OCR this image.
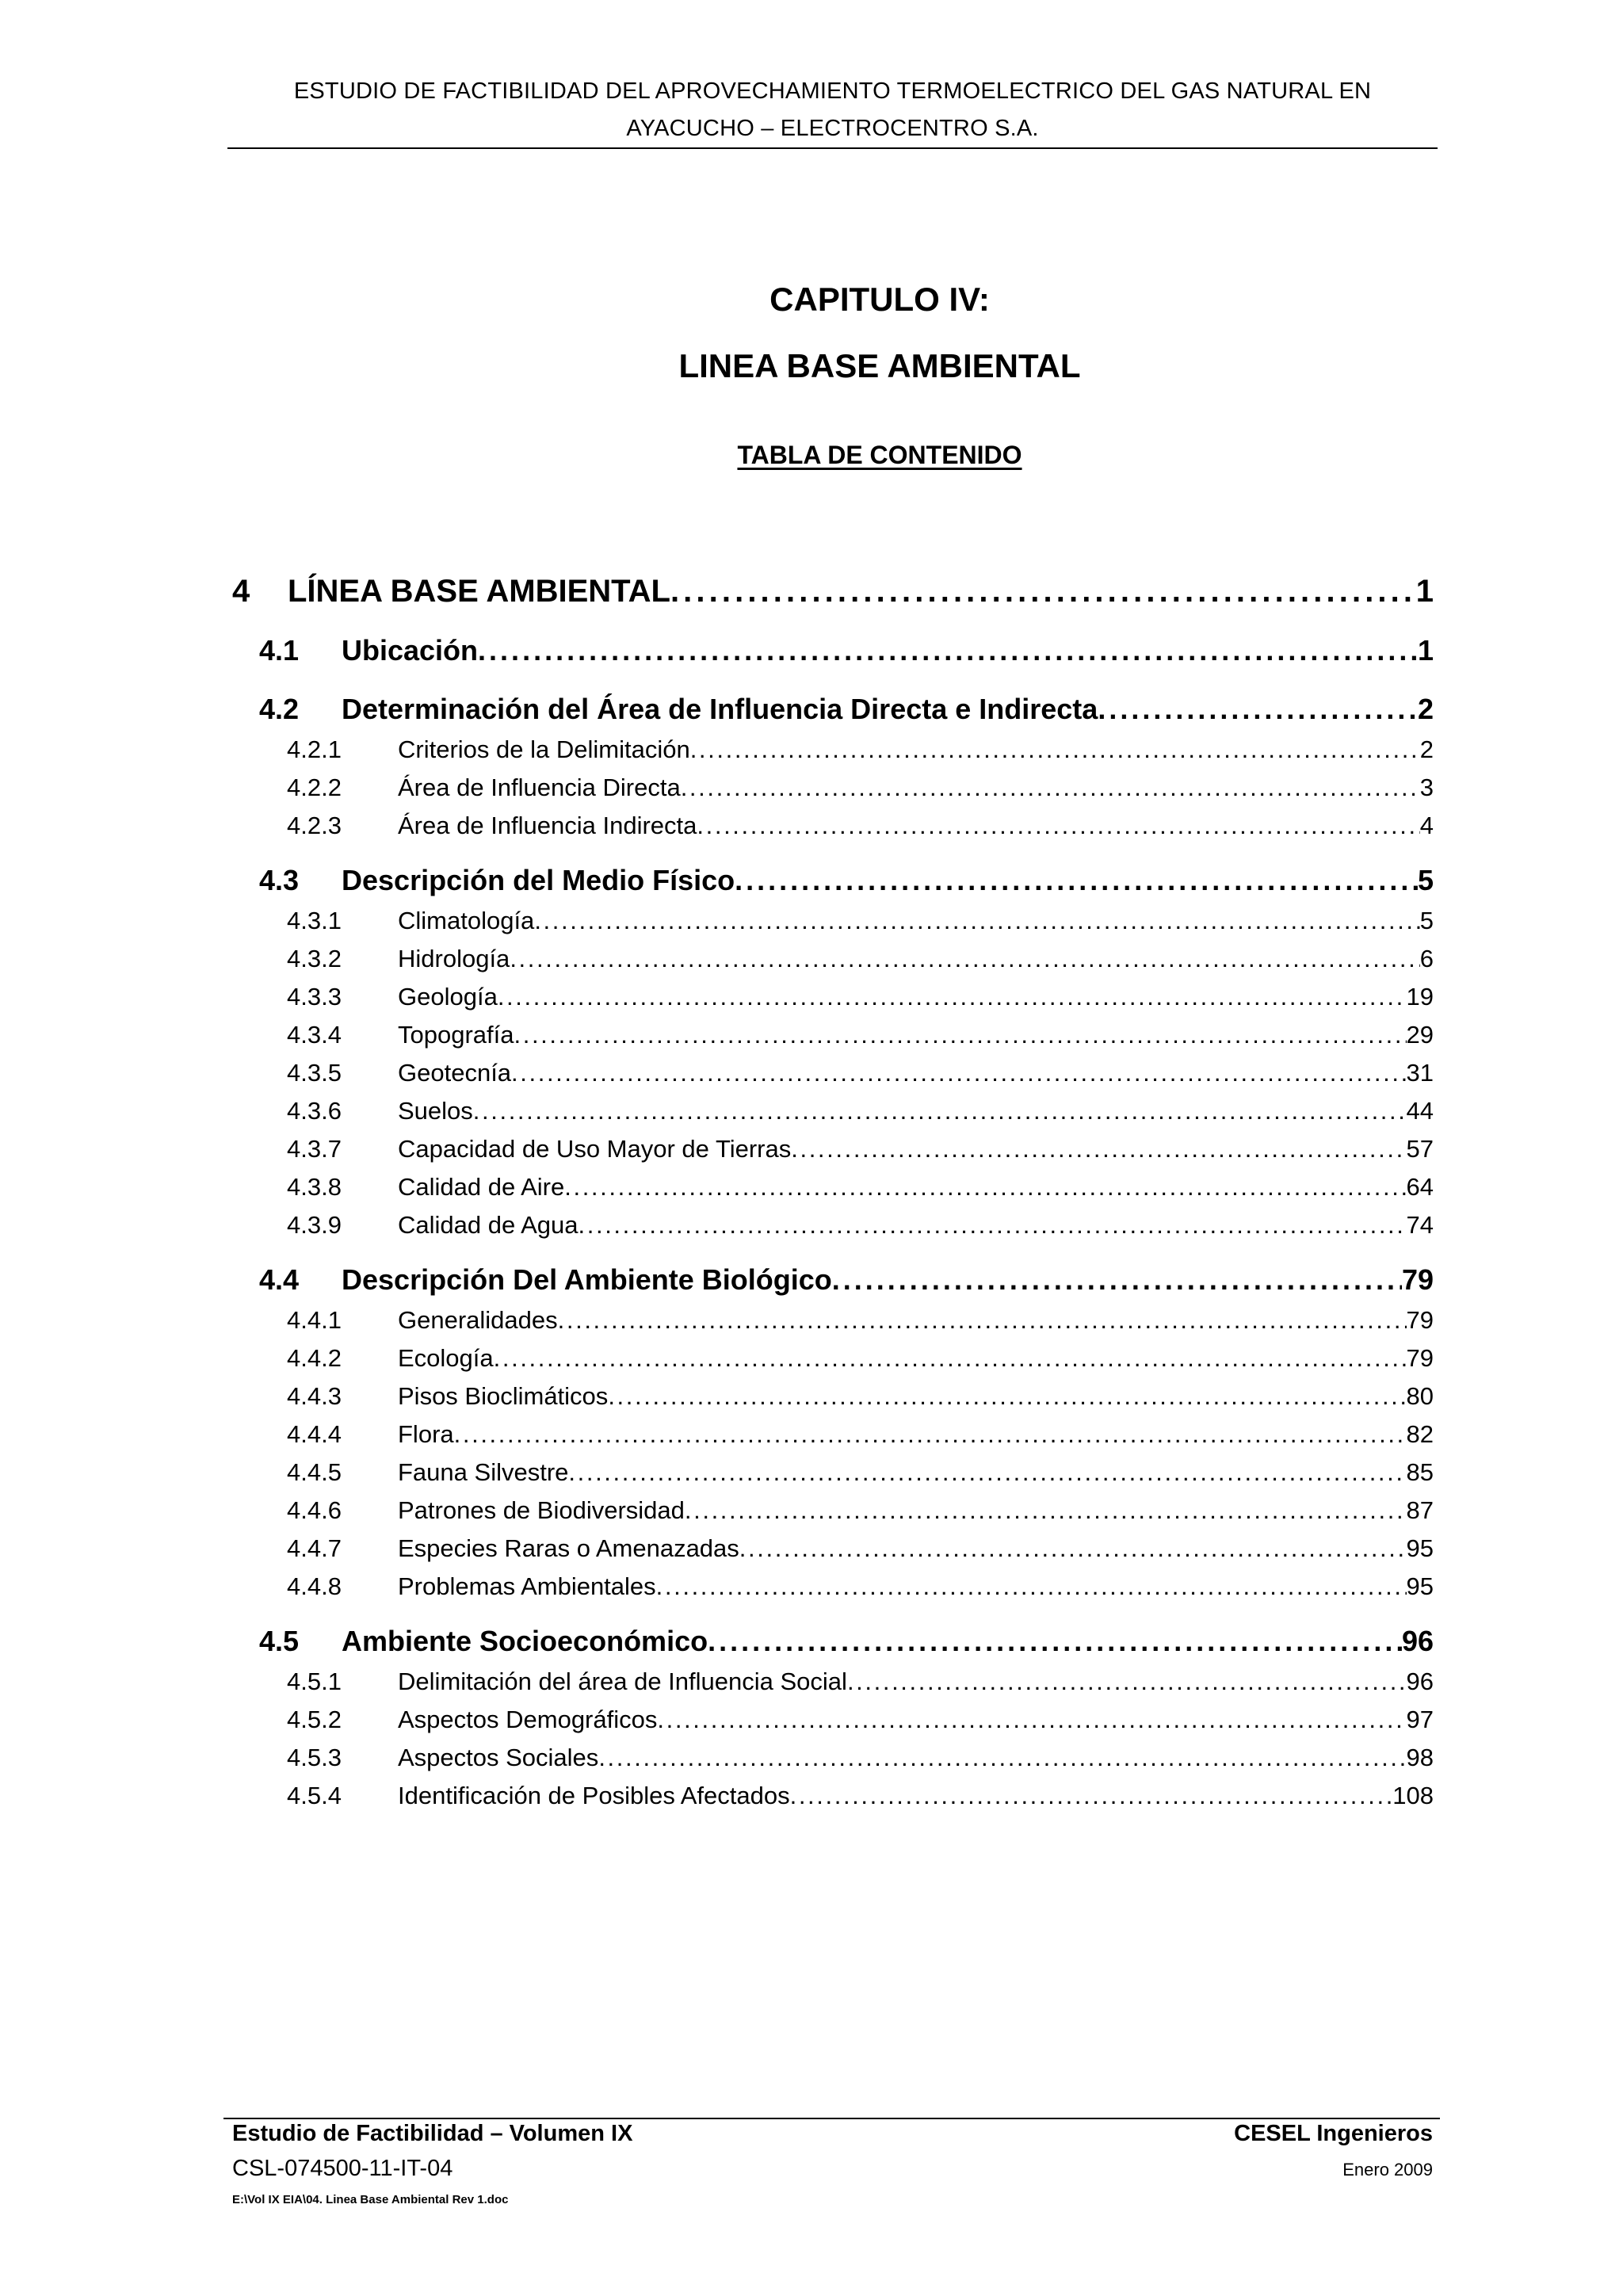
ESTUDIO DE FACTIBILIDAD DEL APROVECHAMIENTO TERMOELECTRICO DEL GAS NATURAL EN
AYACUCHO – ELECTROCENTRO S.A.
CAPITULO IV:
LINEA BASE AMBIENTAL
TABLA DE CONTENIDO
4	LÍNEA BASE AMBIENTAL . . .	1
4.1	Ubicación . . .	1
4.2	Determinación del Área de Influencia Directa e Indirecta . . .	2
4.2.1	Criterios de la Delimitación . . .	2
4.2.2	Área de Influencia Directa . . .	3
4.2.3	Área de Influencia Indirecta . . .	4
4.3	Descripción del Medio Físico . . .	5
4.3.1	Climatología . . .	5
4.3.2	Hidrología . . .	6
4.3.3	Geología . . .	19
4.3.4	Topografía . . .	29
4.3.5	Geotecnía . . .	31
4.3.6	Suelos . . .	44
4.3.7	Capacidad de Uso Mayor de Tierras . . .	57
4.3.8	Calidad de Aire . . .	64
4.3.9	Calidad de Agua . . .	74
4.4	Descripción Del Ambiente Biológico . . .	79
4.4.1	Generalidades . . .	79
4.4.2	Ecología . . .	79
4.4.3	Pisos Bioclimáticos . . .	80
4.4.4	Flora . . .	82
4.4.5	Fauna Silvestre . . .	85
4.4.6	Patrones de Biodiversidad . . .	87
4.4.7	Especies Raras o Amenazadas . . .	95
4.4.8	Problemas Ambientales . . .	95
4.5	Ambiente Socioeconómico . . .	96
4.5.1	Delimitación del área de Influencia Social . . .	96
4.5.2	Aspectos Demográficos . . .	97
4.5.3	Aspectos Sociales . . .	98
4.5.4	Identificación de Posibles Afectados . . .	108
Estudio de Factibilidad – Volumen IX
CSL-074500-11-IT-04
E:\Vol IX EIA\04. Linea Base Ambiental Rev 1.doc
CESEL Ingenieros
Enero 2009
